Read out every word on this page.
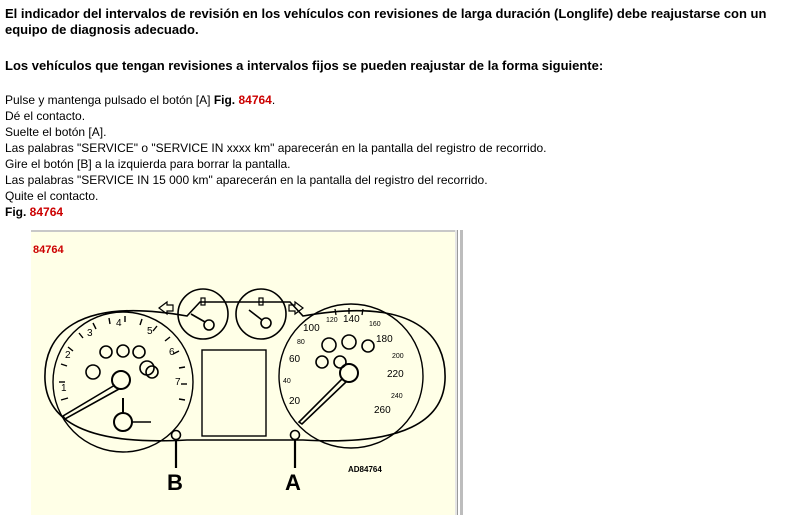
El indicador del intervalos de revisión en los vehículos con revisiones de larga duración (Longlife) debe reajustarse con un equipo de diagnosis adecuado.

Los vehículos que tengan revisiones a intervalos fijos se pueden reajustar de la forma siguiente:

Pulse y mantenga pulsado el botón [A] Fig. 84764.
Dé el contacto.
Suelte el botón [A].
Las palabras "SERVICE" o "SERVICE IN xxxx km" aparecerán en la pantalla del registro de recorrido.
Gire el botón [B] a la izquierda para borrar la pantalla.
Las palabras "SERVICE IN 15 000 km" aparecerán en la pantalla del registro del recorrido.
Quite el contacto.
Fig. 84764
84764
1
2
3
4
5
6
7
20
40
60
80
100
120 140 160
180
200
220
240
260
B	A
AD84764
